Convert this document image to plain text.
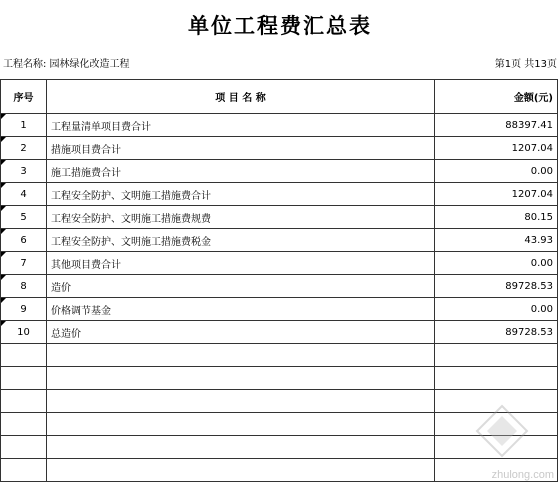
单位工程费汇总表
工程名称: 园林绿化改造工程	第1页 共13页
序号	项 目 名 称	金额(元)

1	工程量清单项目费合计	88397.41

2	措施项目费合计	1207.04

3	施工措施费合计	0.00

4	工程安全防护、文明施工措施费合计	1207.04

5	工程安全防护、文明施工措施费规费	80.15

6	工程安全防护、文明施工措施费税金	43.93

7	其他项目费合计	0.00

8	造价	89728.53

9	价格调节基金	0.00

10	总造价	89728.53

zhulong.com
